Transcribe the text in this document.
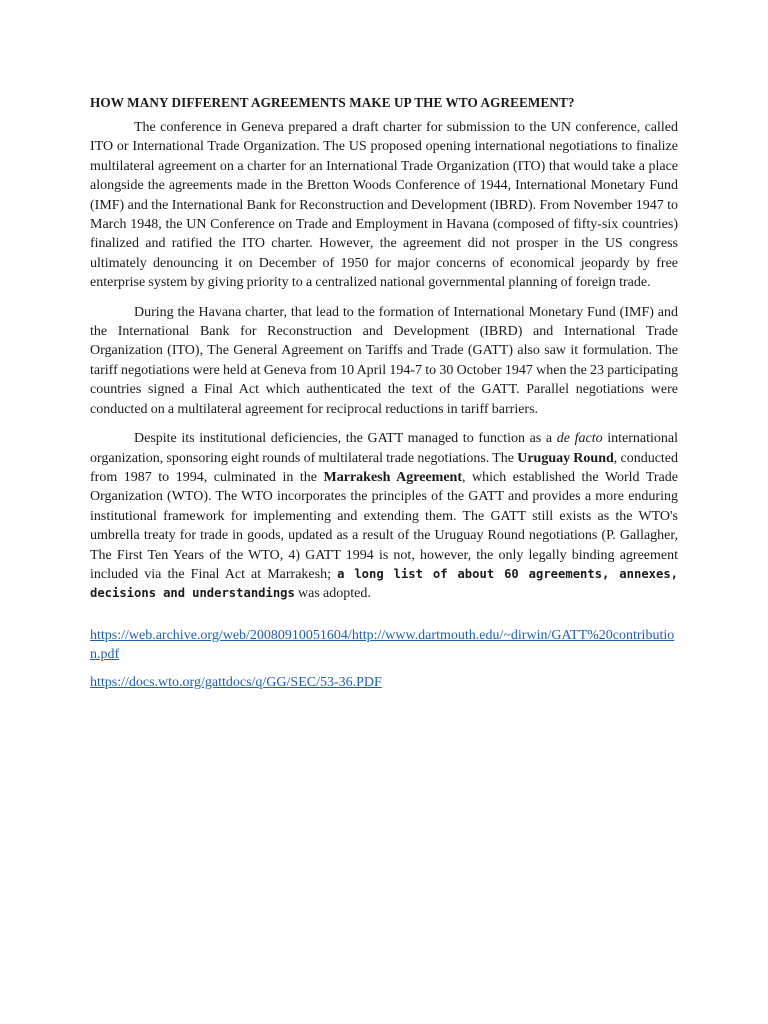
HOW MANY DIFFERENT AGREEMENTS MAKE UP THE WTO AGREEMENT?

The conference in Geneva prepared a draft charter for submission to the UN conference, called ITO or International Trade Organization. The US proposed opening international negotiations to finalize multilateral agreement on a charter for an International Trade Organization (ITO) that would take a place alongside the agreements made in the Bretton Woods Conference of 1944, International Monetary Fund (IMF) and the International Bank for Reconstruction and Development (IBRD). From November 1947 to March 1948, the UN Conference on Trade and Employment in Havana (composed of fifty-six countries) finalized and ratified the ITO charter. However, the agreement did not prosper in the US congress ultimately denouncing it on December of 1950 for major concerns of economical jeopardy by free enterprise system by giving priority to a centralized national governmental planning of foreign trade.

During the Havana charter, that lead to the formation of International Monetary Fund (IMF) and the International Bank for Reconstruction and Development (IBRD) and International Trade Organization (ITO), The General Agreement on Tariffs and Trade (GATT) also saw it formulation. The tariff negotiations were held at Geneva from 10 April 194-7 to 30 October 1947 when the 23 participating countries signed a Final Act which authenticated the text of the GATT. Parallel negotiations were conducted on a multilateral agreement for reciprocal reductions in tariff barriers.

Despite its institutional deficiencies, the GATT managed to function as a de facto international organization, sponsoring eight rounds of multilateral trade negotiations. The Uruguay Round, conducted from 1987 to 1994, culminated in the Marrakesh Agreement, which established the World Trade Organization (WTO). The WTO incorporates the principles of the GATT and provides a more enduring institutional framework for implementing and extending them. The GATT still exists as the WTO's umbrella treaty for trade in goods, updated as a result of the Uruguay Round negotiations (P. Gallagher, The First Ten Years of the WTO, 4) GATT 1994 is not, however, the only legally binding agreement included via the Final Act at Marrakesh; a long list of about 60 agreements, annexes, decisions and understandings was adopted.

https://web.archive.org/web/20080910051604/http://www.dartmouth.edu/~dirwin/GATT%20contribution.pdf
https://docs.wto.org/gattdocs/q/GG/SEC/53-36.PDF
